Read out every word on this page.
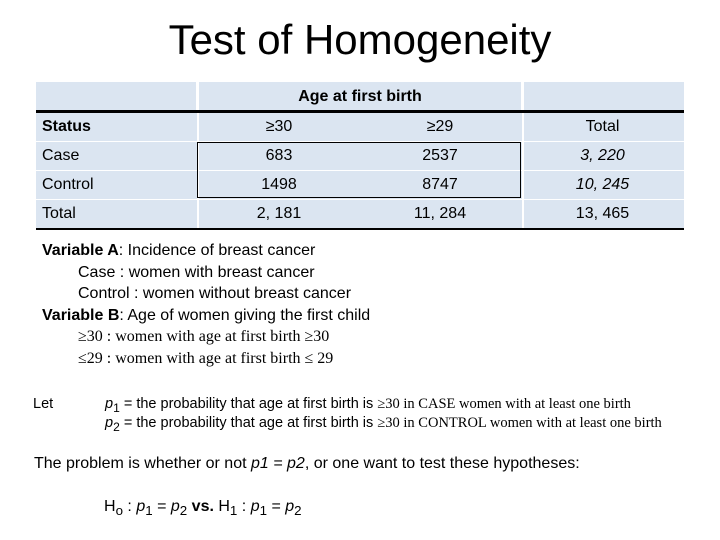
Test of Homogeneity
Age at first birth
Status	≥30	≥29	Total
Case	683	2537	3, 220
Control	1498	8747	10, 245
Total	2, 181	11, 284	13, 465
Variable A: Incidence of breast cancer
Case : women with breast cancer
Control : women without breast cancer
Variable B: Age of women giving the first child
≥30 : women with age at first birth ≥30
≤29 : women with age at first birth ≤ 29
Let	$p_1$ = the probability that age at first birth is ≥30 in CASE women with at least one birth
$p_2$ = the probability that age at first birth is ≥30 in CONTROL women with at least one birth
The problem is whether or not p1 = p2, or one want to test these hypotheses:
$H_o$ : $p_1 = p_2$ vs. $H_1$ : $p_1 = p_2$
